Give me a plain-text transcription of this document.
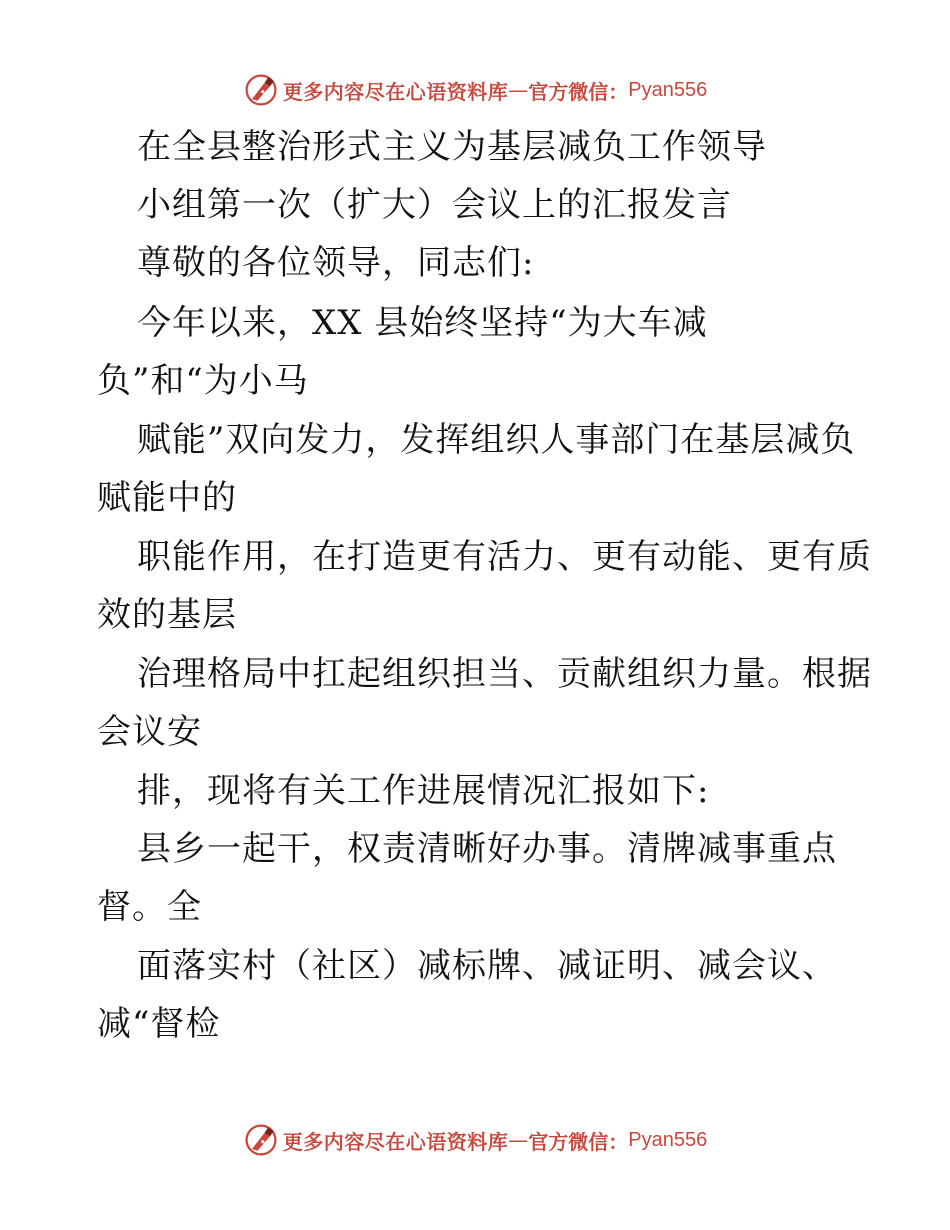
更多内容尽在心语资料库 — 官方微信： Pyan556
在全县整治形式主义为基层减负工作领导
小组第一次（扩大）会议上的汇报发言
尊敬的各位领导，同志们:
今年以来，XX 县始终坚持“为大车减
负”和“为小马
赋能”双向发力，发挥组织人事部门在基层减负
赋能中的
职能作用，在打造更有活力、更有动能、更有质
效的基层
治理格局中扛起组织担当、贡献组织力量。根据
会议安
排，现将有关工作进展情况汇报如下:
县乡一起干，权责清晰好办事。清牌减事重点
督。全
面落实村（社区）减标牌、减证明、减会议、
减“督检
更多内容尽在心语资料库 — 官方微信： Pyan556
